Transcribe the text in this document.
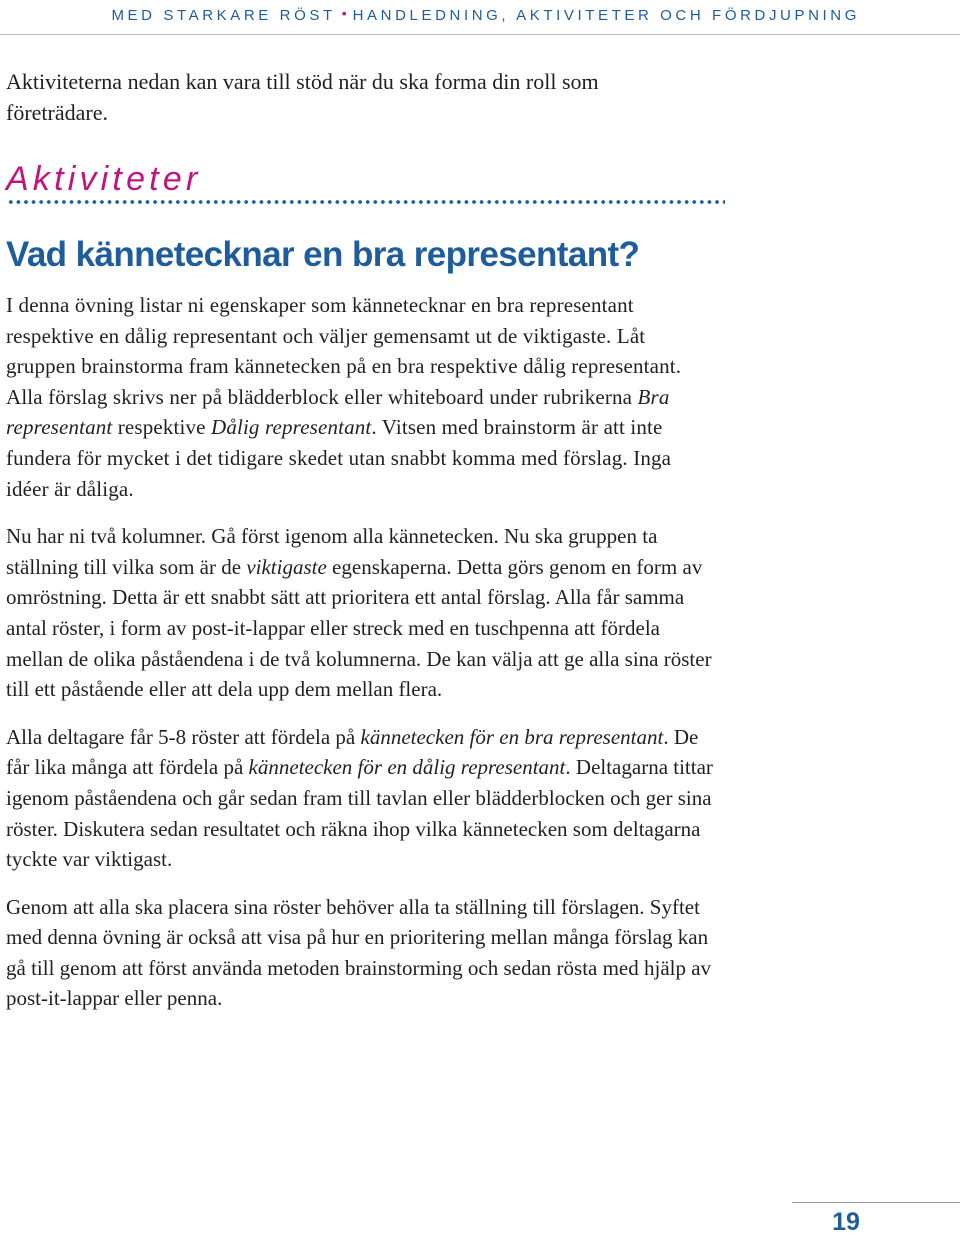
MED STARKARE RÖST • HANDLEDNING, AKTIVITETER OCH FÖRDJUPNING

Aktiviteterna nedan kan vara till stöd när du ska forma din roll som företrädare.

Aktiviteter
Vad kännetecknar en bra representant?

I denna övning listar ni egenskaper som kännetecknar en bra representant respektive en dålig representant och väljer gemensamt ut de viktigaste. Låt gruppen brainstorma fram kännetecken på en bra respektive dålig representant. Alla förslag skrivs ner på blädderblock eller whiteboard under rubrikerna Bra representant respektive Dålig representant. Vitsen med brainstorm är att inte fundera för mycket i det tidigare skedet utan snabbt komma med förslag. Inga idéer är dåliga.

Nu har ni två kolumner. Gå först igenom alla kännetecken. Nu ska gruppen ta ställning till vilka som är de viktigaste egenskaperna. Detta görs genom en form av omröstning. Detta är ett snabbt sätt att prioritera ett antal förslag. Alla får samma antal röster, i form av post-it-lappar eller streck med en tuschpenna att fördela mellan de olika påståendena i de två kolumnerna. De kan välja att ge alla sina röster till ett påstående eller att dela upp dem mellan flera.

Alla deltagare får 5-8 röster att fördela på kännetecken för en bra representant. De får lika många att fördela på kännetecken för en dålig representant. Deltagarna tittar igenom påståendena och går sedan fram till tavlan eller blädderblocken och ger sina röster. Diskutera sedan resultatet och räkna ihop vilka kännetecken som deltagarna tyckte var viktigast.

Genom att alla ska placera sina röster behöver alla ta ställning till förslagen. Syftet med denna övning är också att visa på hur en prioritering mellan många förslag kan gå till genom att först använda metoden brainstorming och sedan rösta med hjälp av post-it-lappar eller penna.

19
